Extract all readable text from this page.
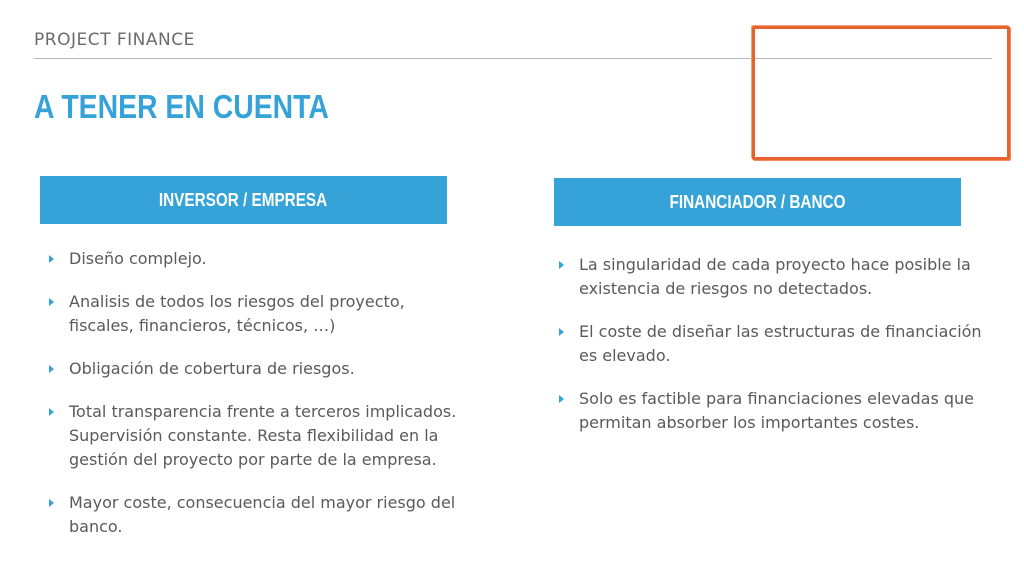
PROJECT FINANCE
A TENER EN CUENTA
INVERSOR / EMPRESA	FINANCIADOR / BANCO
Diseño complejo.
Analisis de todos los riesgos del proyecto, fiscales, financieros, técnicos, …)
Obligación de cobertura de riesgos.
Total transparencia frente a terceros implicados. Supervisión constante. Resta flexibilidad en la gestión del proyecto por parte de la empresa.
Mayor coste, consecuencia del mayor riesgo del banco.
La singularidad de cada proyecto hace posible la existencia de riesgos no detectados.
El coste de diseñar las estructuras de financiación es elevado.
Solo es factible para financiaciones elevadas que permitan absorber los importantes costes.
